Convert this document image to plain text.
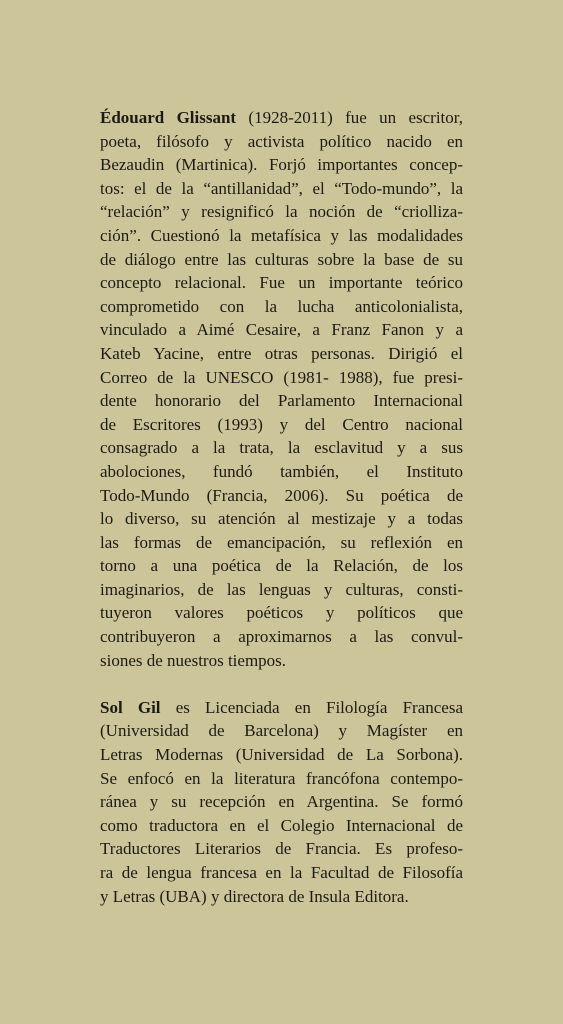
Édouard Glissant (1928-2011) fue un escritor,
poeta, filósofo y activista político nacido en
Bezaudin (Martinica). Forjó importantes concep-
tos: el de la “antillanidad”, el “Todo-mundo”, la
“relación” y resignificó la noción de “criolliza-
ción”. Cuestionó la metafísica y las modalidades
de diálogo entre las culturas sobre la base de su
concepto relacional. Fue un importante teórico
comprometido con la lucha anticolonialista,
vinculado a Aimé Cesaire, a Franz Fanon y a
Kateb Yacine, entre otras personas. Dirigió el
Correo de la UNESCO (1981- 1988), fue presi-
dente honorario del Parlamento Internacional
de Escritores (1993) y del Centro nacional
consagrado a la trata, la esclavitud y a sus
abolociones, fundó también, el Instituto
Todo-Mundo (Francia, 2006). Su poética de
lo diverso, su atención al mestizaje y a todas
las formas de emancipación, su reflexión en
torno a una poética de la Relación, de los
imaginarios, de las lenguas y culturas, consti-
tuyeron valores poéticos y políticos que
contribuyeron a aproximarnos a las convul-
siones de nuestros tiempos.
Sol Gil es Licenciada en Filología Francesa
(Universidad de Barcelona) y Magíster en
Letras Modernas (Universidad de La Sorbona).
Se enfocó en la literatura francófona contempo-
ránea y su recepción en Argentina. Se formó
como traductora en el Colegio Internacional de
Traductores Literarios de Francia. Es profeso-
ra de lengua francesa en la Facultad de Filosofía
y Letras (UBA) y directora de Insula Editora.
